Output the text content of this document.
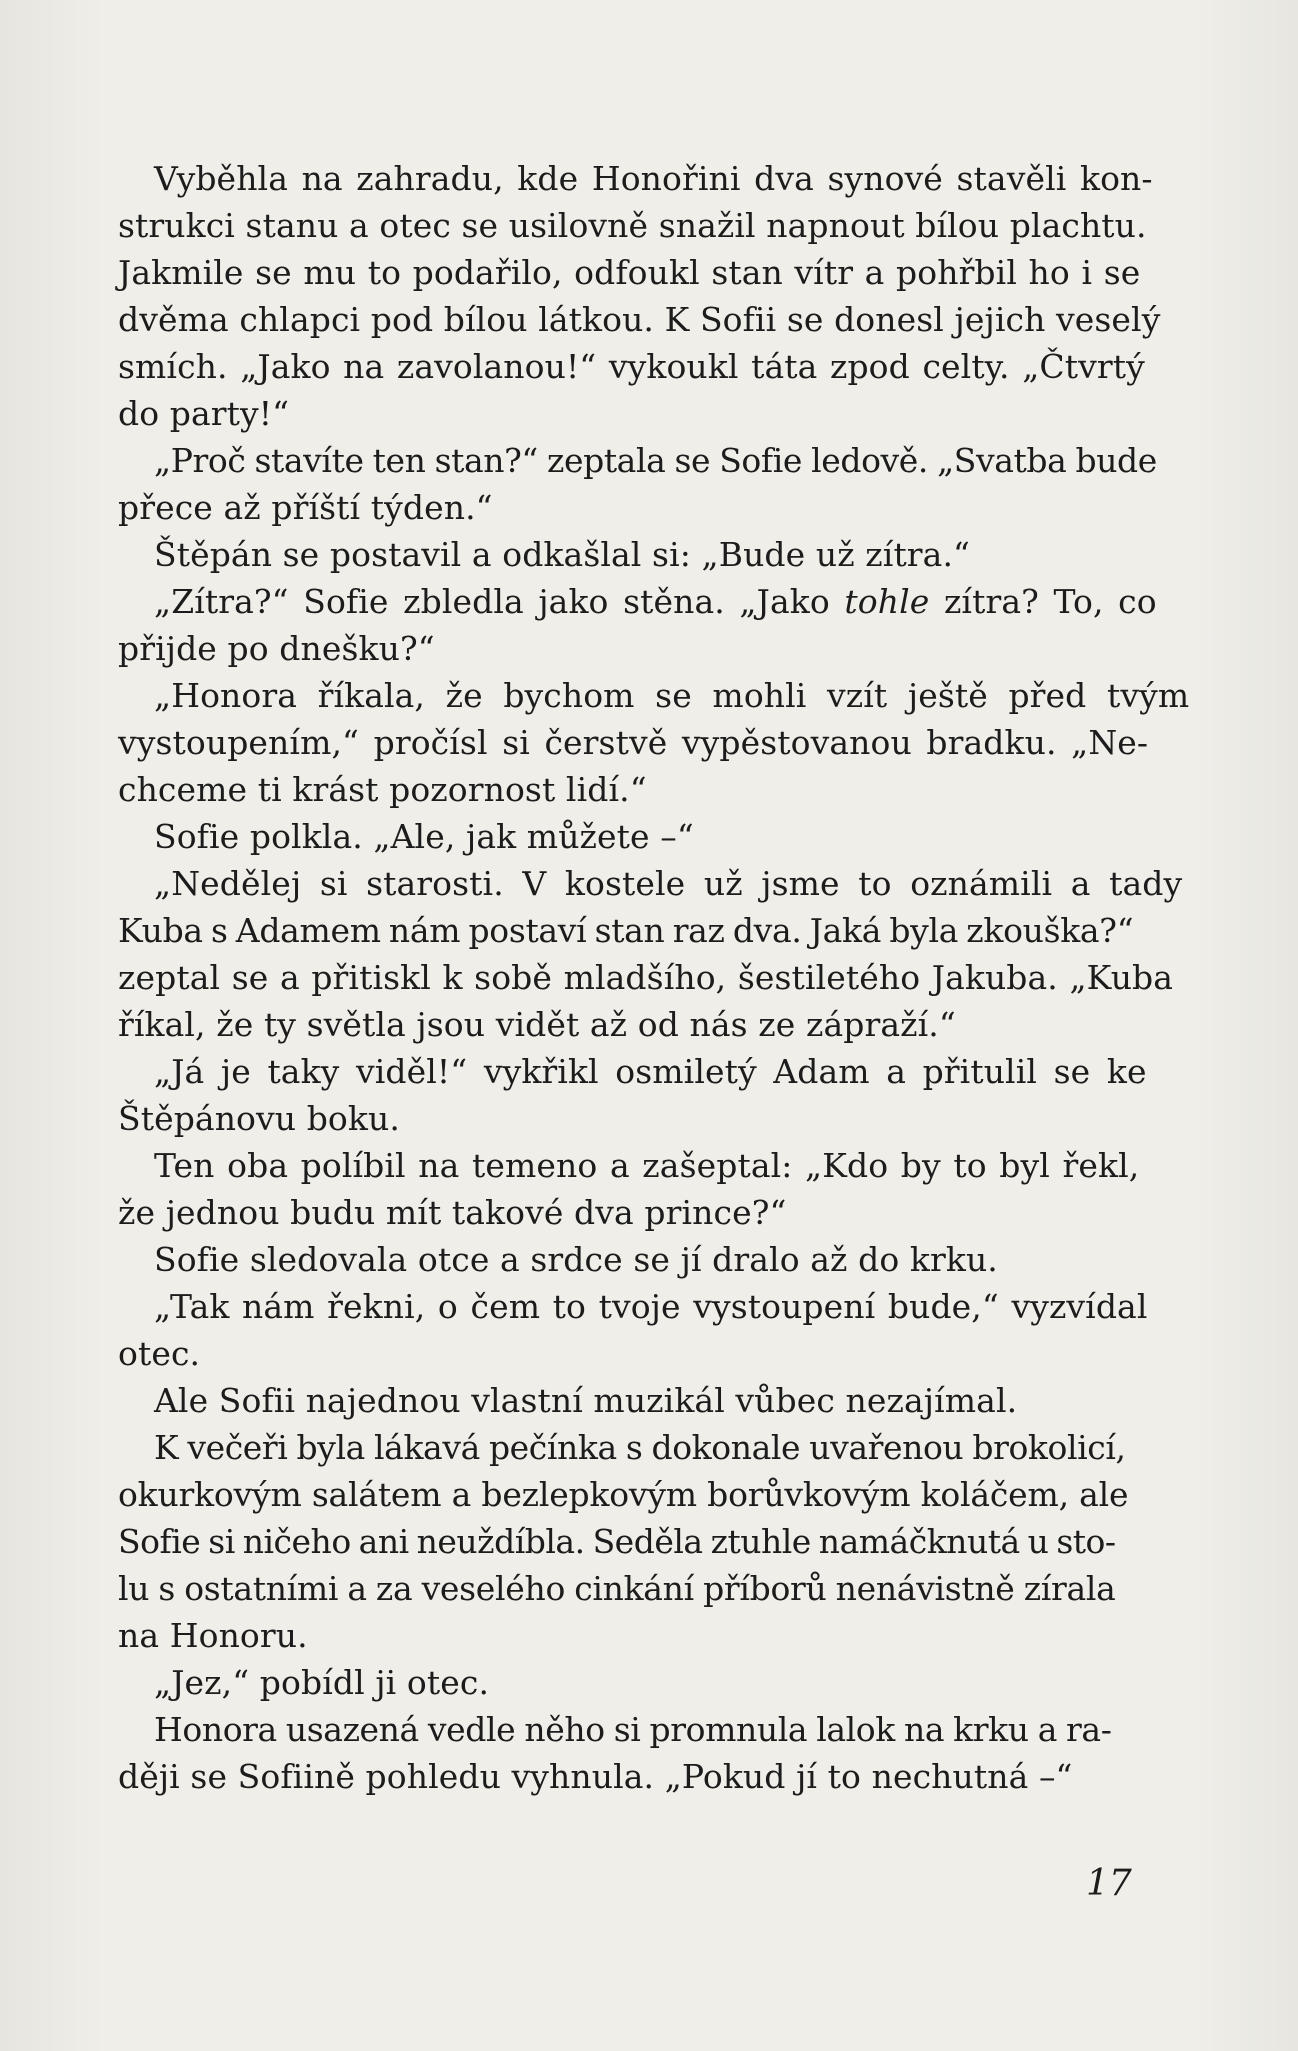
Vyběhla na zahradu, kde Honořini dva synové stavěli kon-
strukci stanu a otec se usilovně snažil napnout bílou plachtu.
Jakmile se mu to podařilo, odfoukl stan vítr a pohřbil ho i se
dvěma chlapci pod bílou látkou. K Sofii se donesl jejich veselý
smích. „Jako na zavolanou!“ vykoukl táta zpod celty. „Čtvrtý
do party!“
„Proč stavíte ten stan?“ zeptala se Sofie ledově. „Svatba bude
přece až příští týden.“
Štěpán se postavil a odkašlal si: „Bude už zítra.“
„Zítra?“ Sofie zbledla jako stěna. „Jako tohle zítra? To, co
přijde po dnešku?“
„Honora říkala, že bychom se mohli vzít ještě před tvým
vystoupením,“ pročísl si čerstvě vypěstovanou bradku. „Ne-
chceme ti krást pozornost lidí.“
Sofie polkla. „Ale, jak můžete –“
„Nedělej si starosti. V kostele už jsme to oznámili a tady
Kuba s Adamem nám postaví stan raz dva. Jaká byla zkouška?“
zeptal se a přitiskl k sobě mladšího, šestiletého Jakuba. „Kuba
říkal, že ty světla jsou vidět až od nás ze zápraží.“
„Já je taky viděl!“ vykřikl osmiletý Adam a přitulil se ke
Štěpánovu boku.
Ten oba políbil na temeno a zašeptal: „Kdo by to byl řekl,
že jednou budu mít takové dva prince?“
Sofie sledovala otce a srdce se jí dralo až do krku.
„Tak nám řekni, o čem to tvoje vystoupení bude,“ vyzvídal
otec.
Ale Sofii najednou vlastní muzikál vůbec nezajímal.
K večeři byla lákavá pečínka s dokonale uvařenou brokolicí,
okurkovým salátem a bezlepkovým borůvkovým koláčem, ale
Sofie si ničeho ani neuždíbla. Seděla ztuhle namáčknutá u sto-
lu s ostatními a za veselého cinkání příborů nenávistně zírala
na Honoru.
„Jez,“ pobídl ji otec.
Honora usazená vedle něho si promnula lalok na krku a ra-
ději se Sofiině pohledu vyhnula. „Pokud jí to nechutná –“
17
